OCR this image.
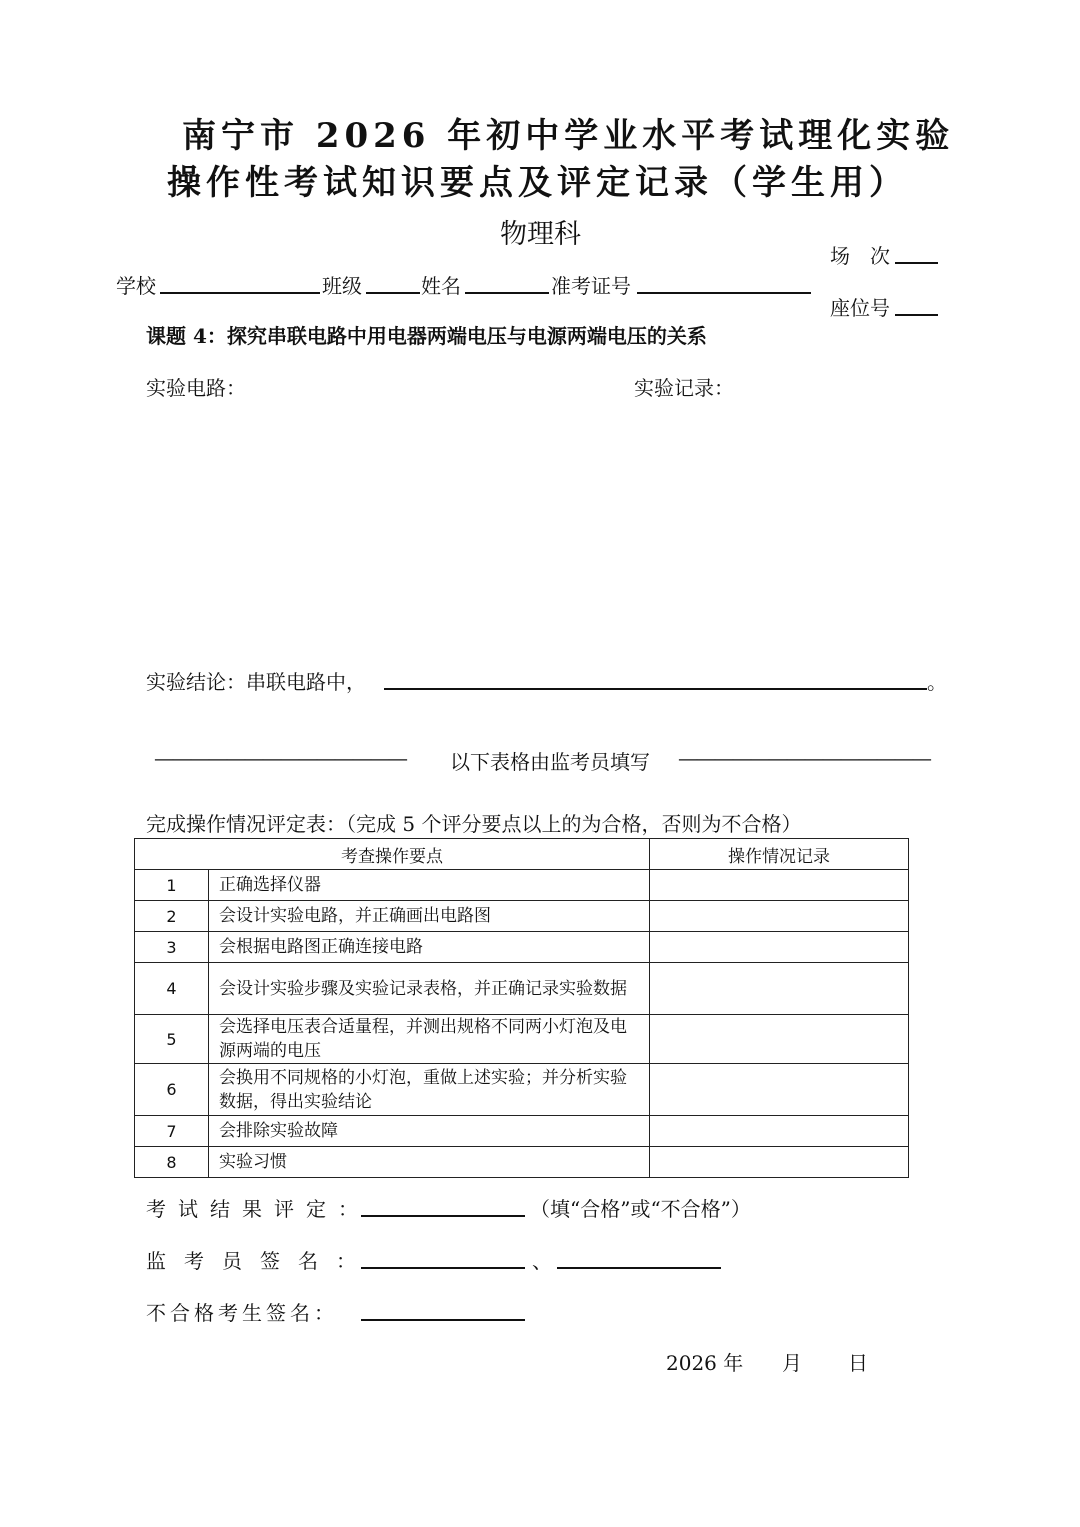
南宁市 2026 年初中学业水平考试理化实验
操作性考试知识要点及评定记录（学生用）
物理科
场　次
学校	班级	姓名	准考证号
座位号
课题 4：探究串联电路中用电器两端电压与电源两端电压的关系
实验电路：	实验记录：
实验结论：串联电路中，	。
—————————————— 以下表格由监考员填写 ——————————————
完成操作情况评定表：（完成 5 个评分要点以上的为合格，否则为不合格）
考查操作要点		操作情况记录
1	正确选择仪器	
2	会设计实验电路，并正确画出电路图	
3	会根据电路图正确连接电路	
4	会设计实验步骤及实验记录表格，并正确记录实验数据	
5	会选择电压表合适量程，并测出规格不同两小灯泡及电源两端的电压	
6	会换用不同规格的小灯泡，重做上述实验；并分析实验数据，得出实验结论	
7	会排除实验故障	
8	实验习惯	
考试结果评定：	（填“合格”或“不合格”）
监考员签名：	、
不合格考生签名：
2026 年 月 日
